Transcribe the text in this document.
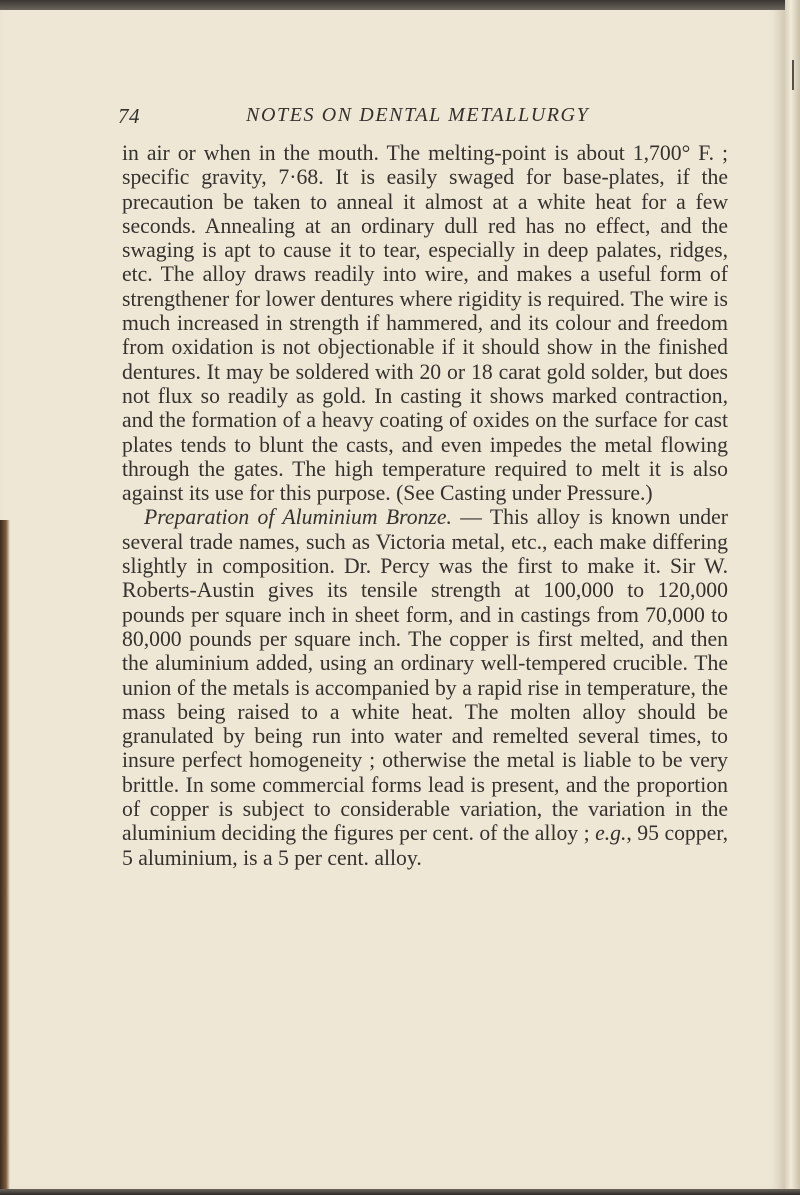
74	NOTES ON DENTAL METALLURGY

in air or when in the mouth. The melting-point is about 1,700° F. ; specific gravity, 7·68. It is easily swaged for base-plates, if the precaution be taken to anneal it almost at a white heat for a few seconds. Annealing at an ordinary dull red has no effect, and the swaging is apt to cause it to tear, especially in deep palates, ridges, etc. The alloy draws readily into wire, and makes a useful form of strengthener for lower dentures where rigidity is required. The wire is much increased in strength if hammered, and its colour and freedom from oxidation is not objectionable if it should show in the finished dentures. It may be soldered with 20 or 18 carat gold solder, but does not flux so readily as gold. In casting it shows marked contraction, and the formation of a heavy coating of oxides on the surface for cast plates tends to blunt the casts, and even impedes the metal flowing through the gates. The high temperature required to melt it is also against its use for this purpose. (See Casting under Pressure.)

Preparation of Aluminium Bronze. — This alloy is known under several trade names, such as Victoria metal, etc., each make differing slightly in composition. Dr. Percy was the first to make it. Sir W. Roberts-Austin gives its tensile strength at 100,000 to 120,000 pounds per square inch in sheet form, and in castings from 70,000 to 80,000 pounds per square inch. The copper is first melted, and then the aluminium added, using an ordinary well-tempered crucible. The union of the metals is accompanied by a rapid rise in temperature, the mass being raised to a white heat. The molten alloy should be granulated by being run into water and remelted several times, to insure perfect homogeneity ; otherwise the metal is liable to be very brittle. In some commercial forms lead is present, and the proportion of copper is subject to considerable variation, the variation in the aluminium deciding the figures per cent. of the alloy ; e.g., 95 copper, 5 aluminium, is a 5 per cent. alloy.
